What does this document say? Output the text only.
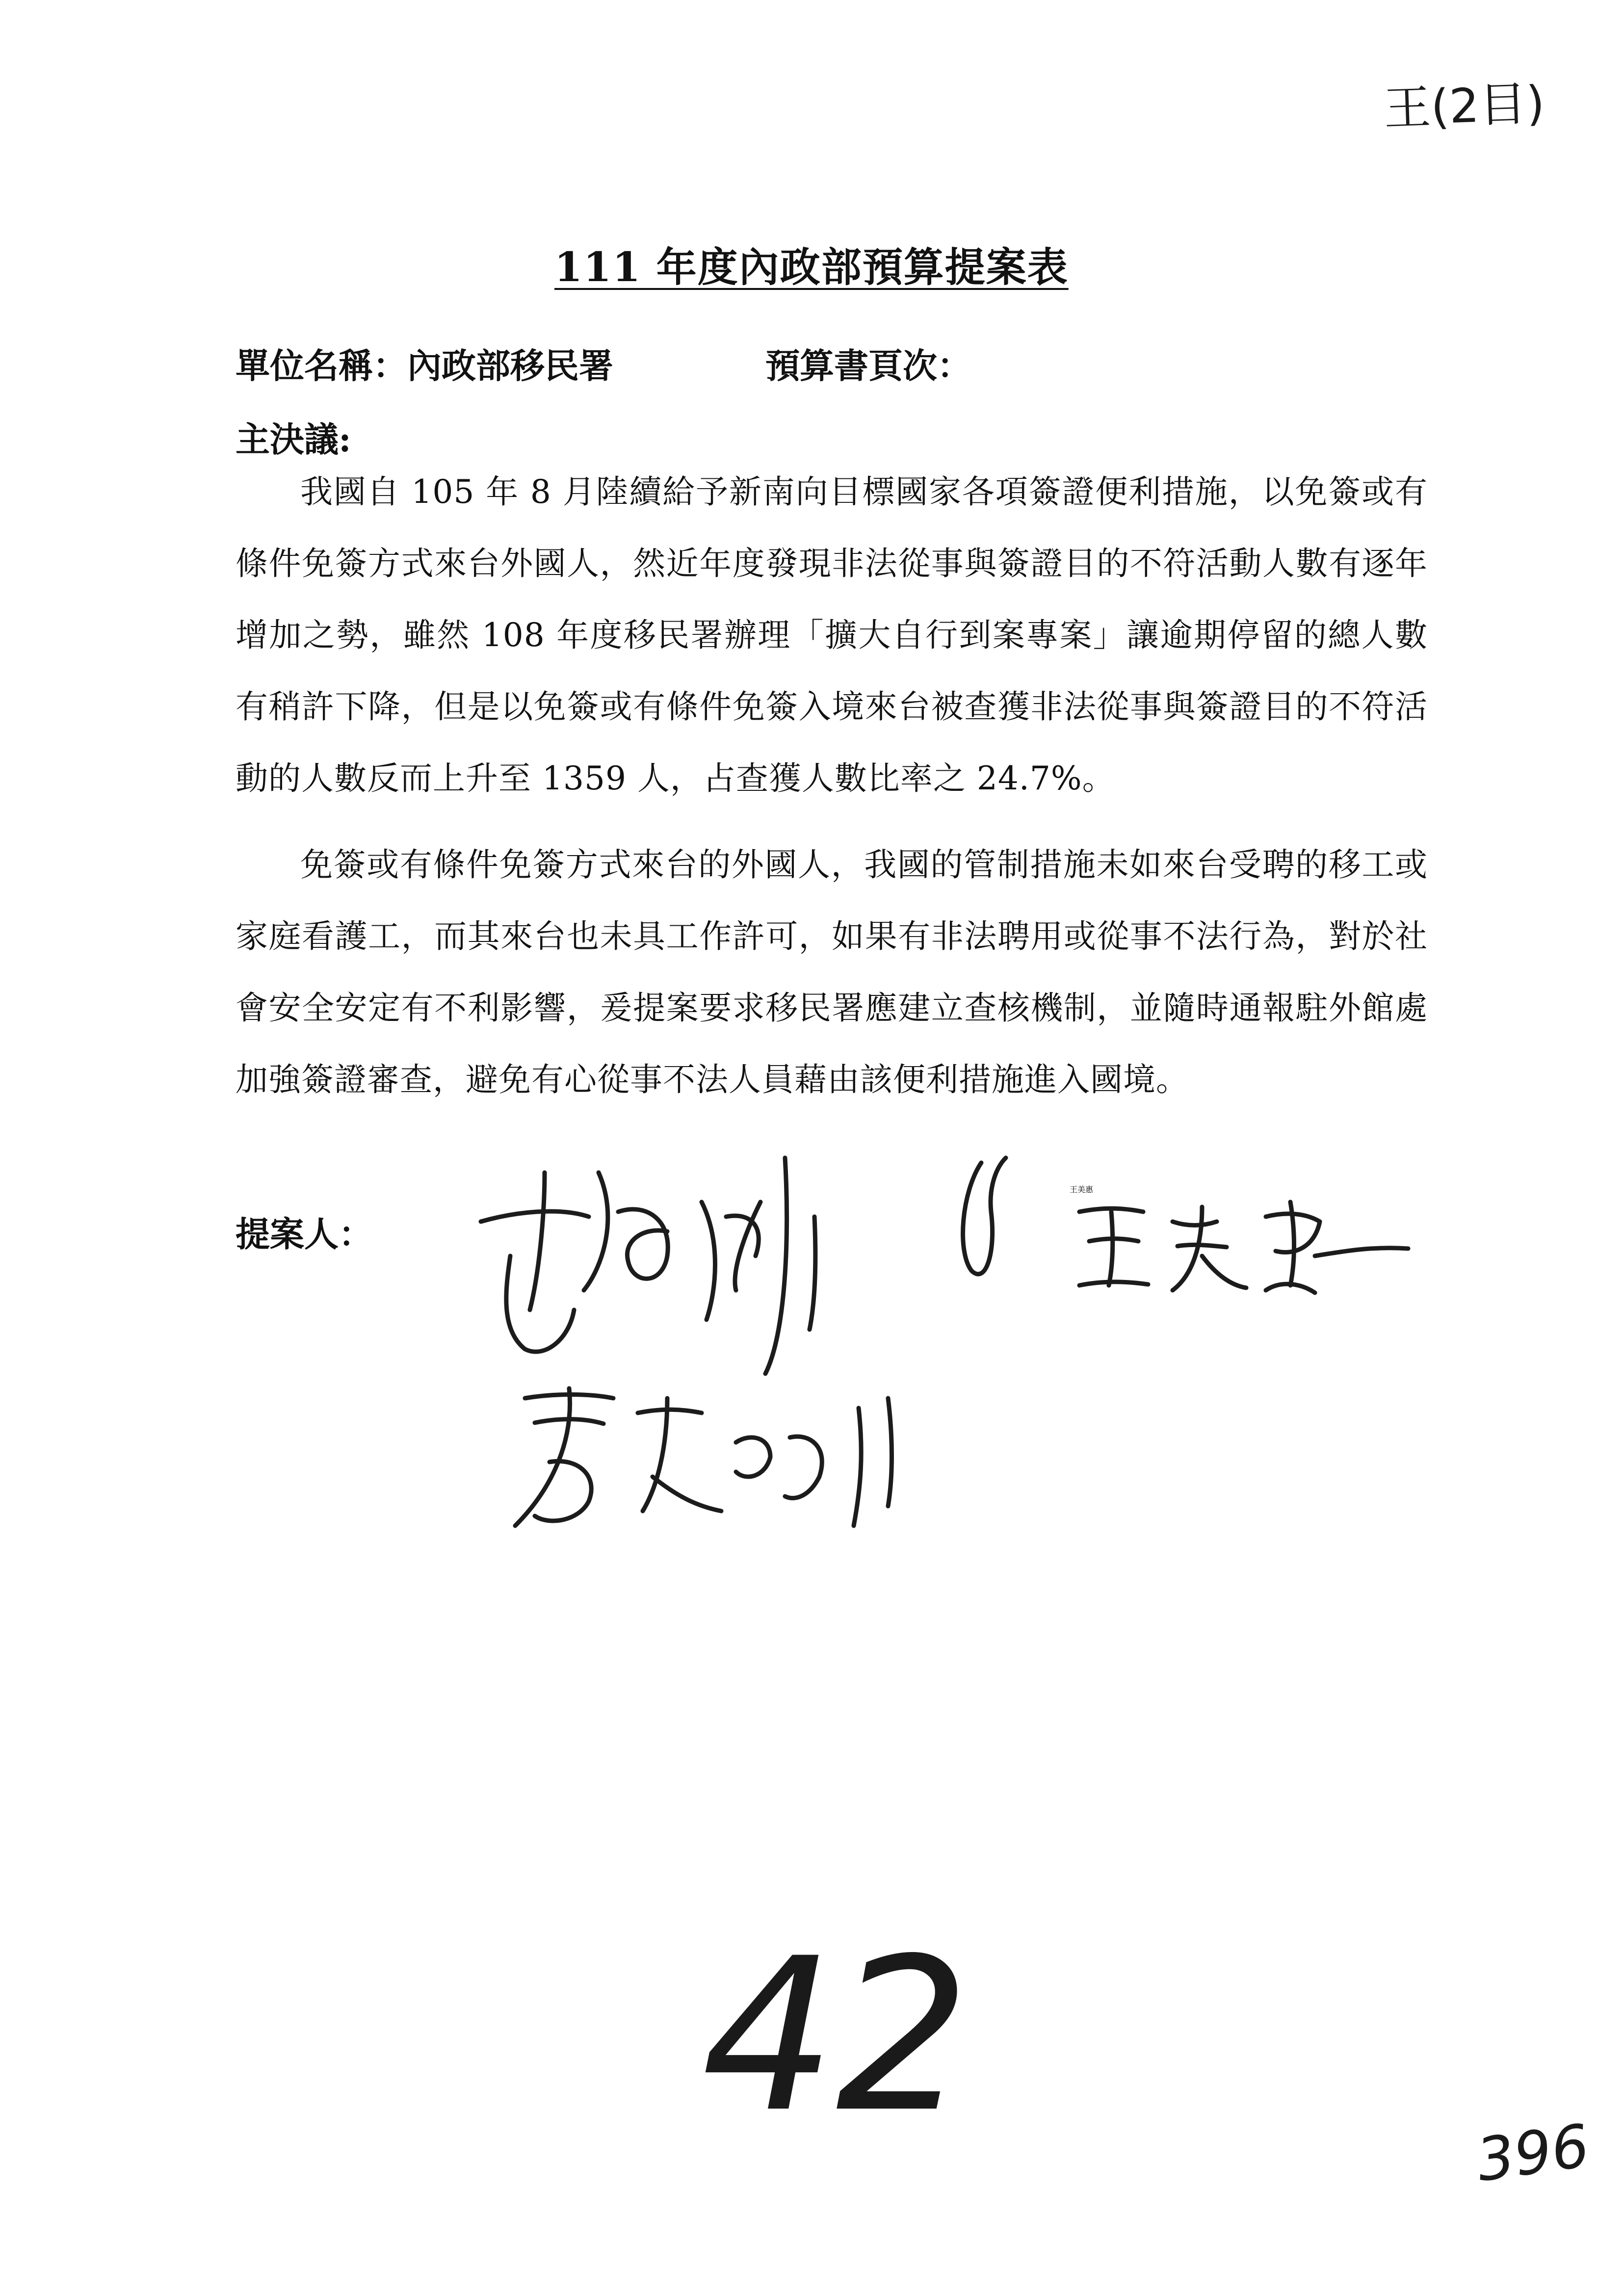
王(2目)
111 年度內政部預算提案表
單位名稱：內政部移民署	預算書頁次：
主決議:

我國自 105 年 8 月陸續給予新南向目標國家各項簽證便利措施，以免簽或有條件免簽方式來台外國人，然近年度發現非法從事與簽證目的不符活動人數有逐年增加之勢，雖然 108 年度移民署辦理「擴大自行到案專案」讓逾期停留的總人數有稍許下降，但是以免簽或有條件免簽入境來台被查獲非法從事與簽證目的不符活動的人數反而上升至 1359 人，占查獲人數比率之 24.7%。

免簽或有條件免簽方式來台的外國人，我國的管制措施未如來台受聘的移工或家庭看護工，而其來台也未具工作許可，如果有非法聘用或從事不法行為，對於社會安全安定有不利影響，爰提案要求移民署應建立查核機制，並隨時通報駐外館處加強簽證審查，避免有心從事不法人員藉由該便利措施進入國境。

提案人：
王美惠
42	396
